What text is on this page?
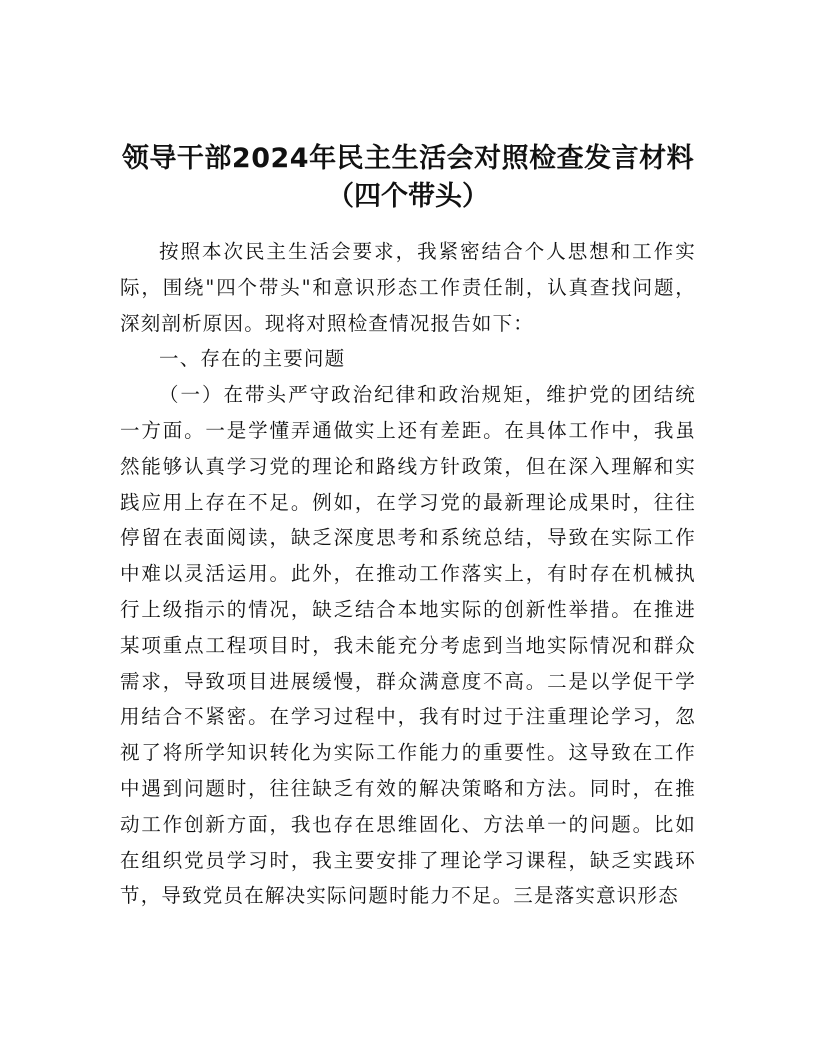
领导干部2024年民主生活会对照检查发言材料
（四个带头）

按照本次民主生活会要求，我紧密结合个人思想和工作实际，围绕"四个带头"和意识形态工作责任制，认真查找问题，深刻剖析原因。现将对照检查情况报告如下：

一、存在的主要问题

（一）在带头严守政治纪律和政治规矩，维护党的团结统一方面。一是学懂弄通做实上还有差距。在具体工作中，我虽然能够认真学习党的理论和路线方针政策，但在深入理解和实践应用上存在不足。例如，在学习党的最新理论成果时，往往停留在表面阅读，缺乏深度思考和系统总结，导致在实际工作中难以灵活运用。此外，在推动工作落实上，有时存在机械执行上级指示的情况，缺乏结合本地实际的创新性举措。在推进某项重点工程项目时，我未能充分考虑到当地实际情况和群众需求，导致项目进展缓慢，群众满意度不高。二是以学促干学用结合不紧密。在学习过程中，我有时过于注重理论学习，忽视了将所学知识转化为实际工作能力的重要性。这导致在工作中遇到问题时，往往缺乏有效的解决策略和方法。同时，在推动工作创新方面，我也存在思维固化、方法单一的问题。比如在组织党员学习时，我主要安排了理论学习课程，缺乏实践环节，导致党员在解决实际问题时能力不足。三是落实意识形态
